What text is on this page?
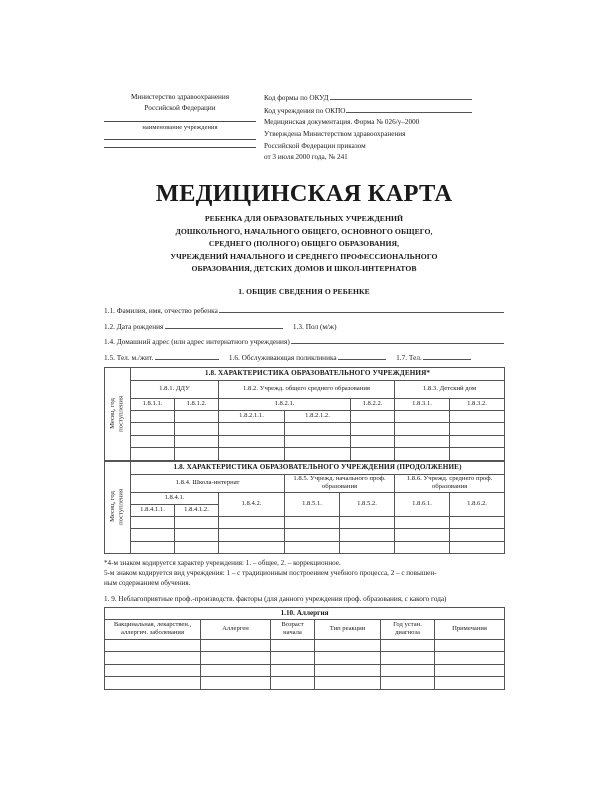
Министерство здравоохранения
Российской Федерации
наименование учреждения
Код формы по ОКУД
Код учреждения по ОКПО
Медицинская документация. Форма № 026/у–2000
Утверждена Министерством здравоохранения
Российской Федерации приказом
от 3 июля 2000 года, № 241
МЕДИЦИНСКАЯ КАРТА
РЕБЕНКА ДЛЯ ОБРАЗОВАТЕЛЬНЫХ УЧРЕЖДЕНИЙ
ДОШКОЛЬНОГО, НАЧАЛЬНОГО ОБЩЕГО, ОСНОВНОГО ОБЩЕГО,
СРЕДНЕГО (ПОЛНОГО) ОБЩЕГО ОБРАЗОВАНИЯ,
УЧРЕЖДЕНИЙ НАЧАЛЬНОГО И СРЕДНЕГО ПРОФЕССИОНАЛЬНОГО
ОБРАЗОВАНИЯ, ДЕТСКИХ ДОМОВ И ШКОЛ-ИНТЕРНАТОВ
1. ОБЩИЕ СВЕДЕНИЯ О РЕБЕНКЕ
1.1. Фамилия, имя, отчество ребенка
1.2. Дата рождения	1.3. Пол (м/ж)
1.4. Домашний адрес (или адрес интернатного учреждения)
1.5. Тел. м./жит.	1.6. Обслуживающая поликлиника	1.7. Тел.
Месяц, год поступления	1.8. ХАРАКТЕРИСТИКА ОБРАЗОВАТЕЛЬНОГО УЧРЕЖДЕНИЯ*						
	1.8.1. ДДУ		1.8.2. Учрежд. общего среднего образования			1.8.3. Детский дом	
	1.8.1.1.	1.8.1.2.	1.8.2.1.		1.8.2.2.	1.8.3.1.	1.8.3.2.
			1.8.2.1.1.	1.8.2.1.2.			

Месяц, год поступления	1.8. ХАРАКТЕРИСТИКА ОБРАЗОВАТЕЛЬНОГО УЧРЕЖДЕНИЯ (ПРОДОЛЖЕНИЕ)						
	1.8.4. Школа-интернат			1.8.5. Учрежд. начального проф. образования		1.8.6. Учрежд. среднего проф. образования	
	1.8.4.1.		1.8.4.2.	1.8.5.1.	1.8.5.2.	1.8.6.1.	1.8.6.2.
	1.8.4.1.1.	1.8.4.1.2.					

*4-м знаком кодируется характер учреждения: 1. – общее, 2. – коррекционное.

5-м знаком кодируется вид учреждения: 1 – с традиционным построением учебного процесса, 2 – с повышен-

ным содержанием обучения.

1. 9. Неблагоприятные проф.-производств. факторы (для данного учреждения проф. образования, с какого года)
1.10. Аллергия					
Вакцинальная, лекарствен., аллергич. заболевания	Аллерген	Возраст начала	Тип реакции	Год устан. диагноза	Примечания
